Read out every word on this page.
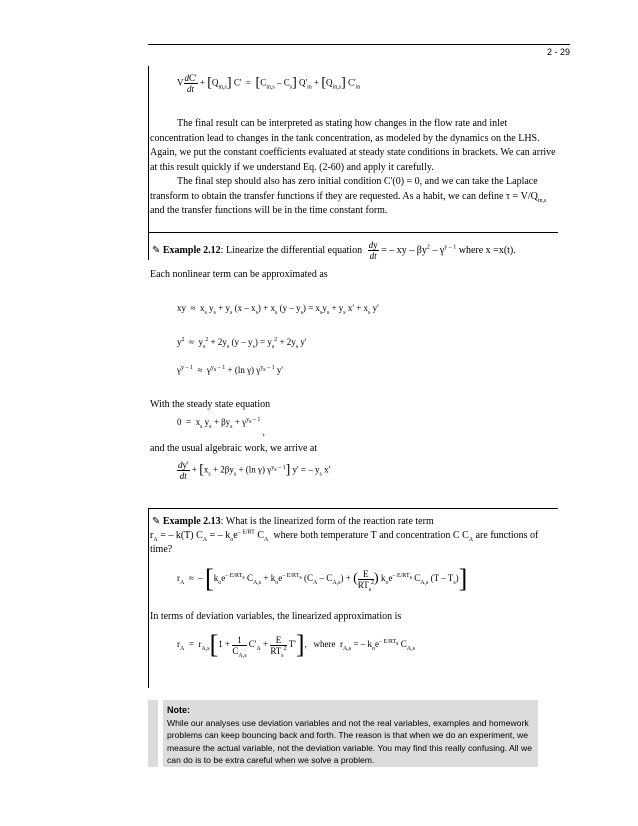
2 - 29
V $\frac{dC'}{dt} + [Q_{in,s}] C' = [C_{in,s} - C_s] Q'_{in} + [Q_{in,s}]$ $C'_{in}$
The final result can be interpreted as stating how changes in the flow rate and inlet concentration lead to changes in the tank concentration, as modeled by the dynamics on the LHS. Again, we put the constant coefficients evaluated at steady state conditions in brackets. We can arrive at this result quickly if we understand Eq. (2-60) and apply it carefully.
The final step should also has zero initial condition C'(0) = 0, and we can take the Laplace transform to obtain the transfer functions if they are requested. As a habit, we can define $\tau = V/Q_{in,s}$ and the transfer functions will be in the time constant form.
✎ Example 2.12: Linearize the differential equation $\frac{dy}{dt}$ = – xy – $\beta y^2 - \gamma^{y - 1}$ where x =x(t).
Each nonlinear term can be approximated as
xy  ≈  $x_s$ $y_s + y_s$ $(x - x_s) + x_s$ $(y - y_s) = x_sy_s + y_s$ $x' + x_s$ y'
$y^2 \approx y_s^2 + 2y_s$ $(y - y_s) = y_s^2 + 2y_s$ y'
$\gamma^{y - 1} \approx \gamma^{y_s - 1} + (\ln$ γ) $\gamma^{y_s - 1}$ y'
With the steady state equation
$0 = x_s$ $y_s + \beta y_s + \gamma^{y_s - 1}$ ,
and the usual algebraic work, we arrive at
$\frac{dy'}{dt} + [x_s + 2\beta y_s + (\ln$ γ) $\gamma^{y_s - 1}$] y' = – $y_s$ x'
✎ Example 2.13: What is the linearized form of the reaction rate term
$r_A$ = – k(T) $C_A$ = – $k_oe^{- E/RT}$ $C_A$ where both temperature T and concentration C $C_A$ are functions of
time?
$r_A$  ≈  – [$k_oe^{- E/RT_s}$ $C_{A,s} + k_oe^{- E/RT_s}$ $(C_A - C_{A,s})$ + ( $\frac{E}{RT_s^2}$ ) $k_oe^{- E/RT_s}$ $C_{A,s}$ $(T - T_s)$]
In terms of deviation variables, the linearized approximation is
$r_A = r_{A,s}[1 + \frac{1}{C_{A,s}} C'_A + \frac{E}{RT_s^2} T']$,   where  $r_{A,s}$ = – $k_oe^{- E/RT_s}$ $C_{A,s}$
Note:
While our analyses use deviation variables and not the real variables, examples and homework problems can keep bouncing back and forth. The reason is that when we do an experiment, we measure the actual variable, not the deviation variable. You may find this really confusing. All we can do is to be extra careful when we solve a problem.
